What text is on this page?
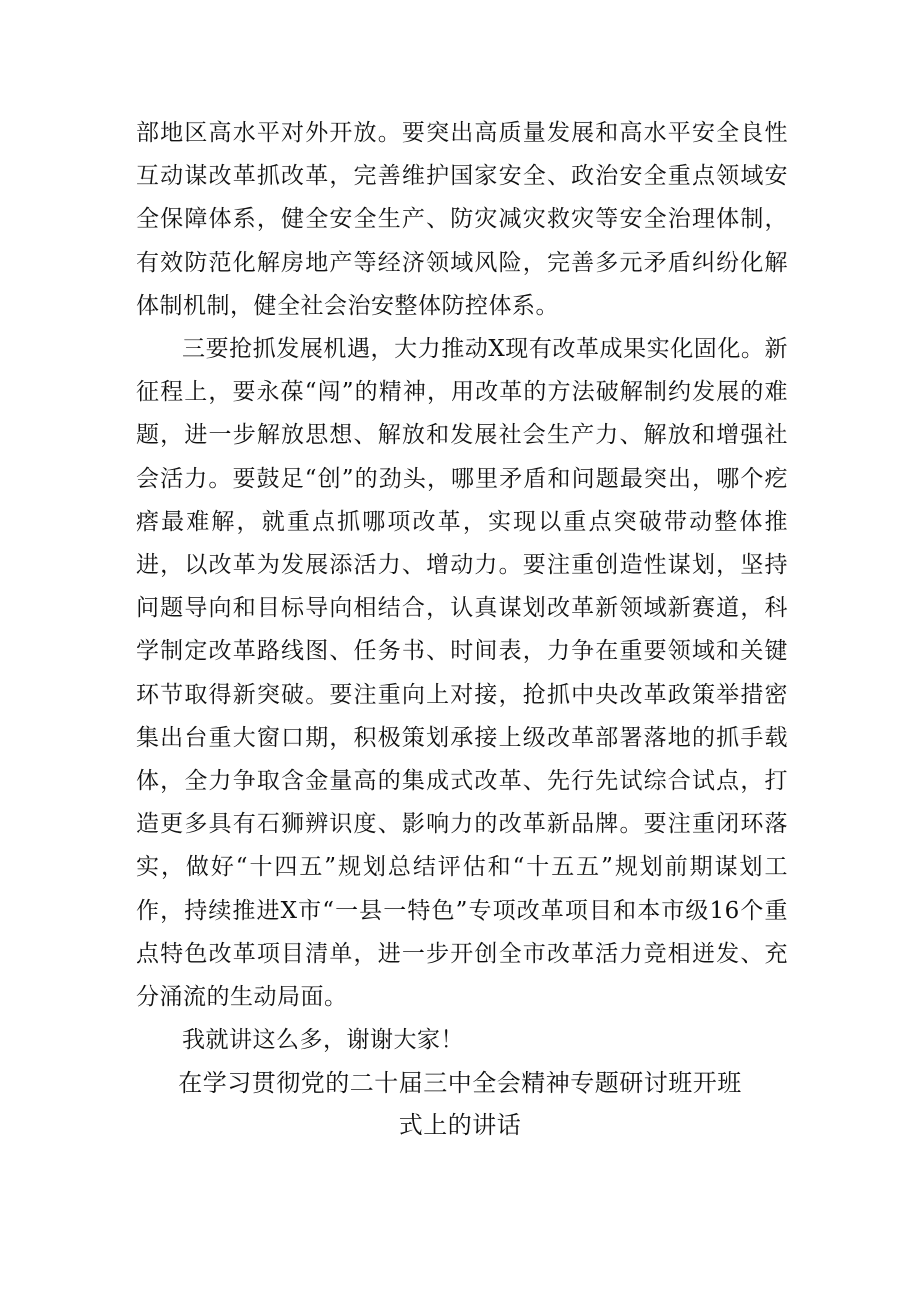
部地区高水平对外开放。要突出高质量发展和高水平安全良性互动谋改革抓改革，完善维护国家安全、政治安全重点领域安全保障体系，健全安全生产、防灾减灾救灾等安全治理体制，有效防范化解房地产等经济领域风险，完善多元矛盾纠纷化解体制机制，健全社会治安整体防控体系。

三要抢抓发展机遇，大力推动X现有改革成果实化固化。新征程上，要永葆“闯”的精神，用改革的方法破解制约发展的难题，进一步解放思想、解放和发展社会生产力、解放和增强社会活力。要鼓足“创”的劲头，哪里矛盾和问题最突出，哪个疙瘩最难解，就重点抓哪项改革，实现以重点突破带动整体推进，以改革为发展添活力、增动力。要注重创造性谋划，坚持问题导向和目标导向相结合，认真谋划改革新领域新赛道，科学制定改革路线图、任务书、时间表，力争在重要领域和关键环节取得新突破。要注重向上对接，抢抓中央改革政策举措密集出台重大窗口期，积极策划承接上级改革部署落地的抓手载体，全力争取含金量高的集成式改革、先行先试综合试点，打造更多具有石狮辨识度、影响力的改革新品牌。要注重闭环落实，做好“十四五”规划总结评估和“十五五”规划前期谋划工作，持续推进X市“一县一特色”专项改革项目和本市级16个重点特色改革项目清单，进一步开创全市改革活力竞相迸发、充分涌流的生动局面。

我就讲这么多，谢谢大家！

在学习贯彻党的二十届三中全会精神专题研讨班开班
式上的讲话
